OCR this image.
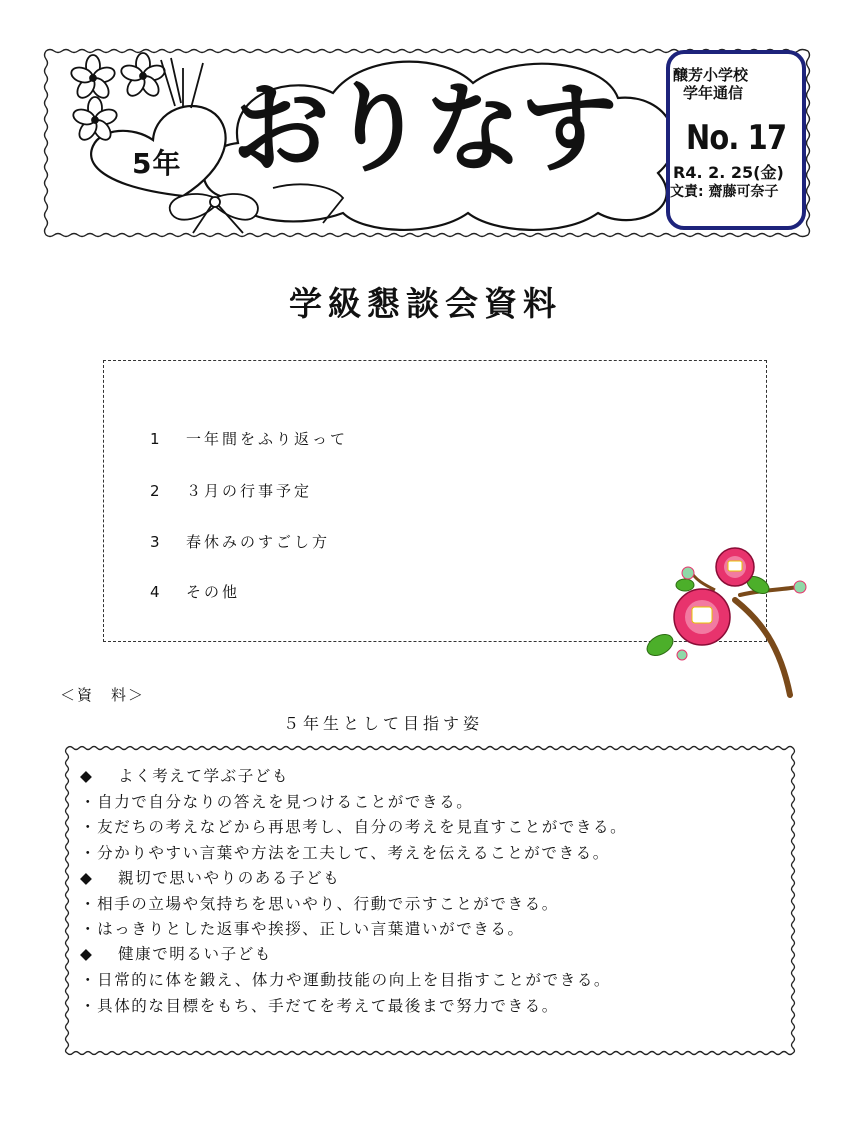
5年 おりなす	醸芳小学校
学年通信
No. 17
R4. 2. 25(金)
文責: 齋藤可奈子
学級懇談会資料
1 一年間をふり返って
2 ３月の行事予定
3 春休みのすごし方
4 その他
＜資　料＞
５年生として目指す姿
◆ よく考えて学ぶ子ども
・自力で自分なりの答えを見つけることができる。
・友だちの考えなどから再思考し、自分の考えを見直すことができる。
・分かりやすい言葉や方法を工夫して、考えを伝えることができる。
◆ 親切で思いやりのある子ども
・相手の立場や気持ちを思いやり、行動で示すことができる。
・はっきりとした返事や挨拶、正しい言葉遣いができる。
◆ 健康で明るい子ども
・日常的に体を鍛え、体力や運動技能の向上を目指すことができる。
・具体的な目標をもち、手だてを考えて最後まで努力できる。
